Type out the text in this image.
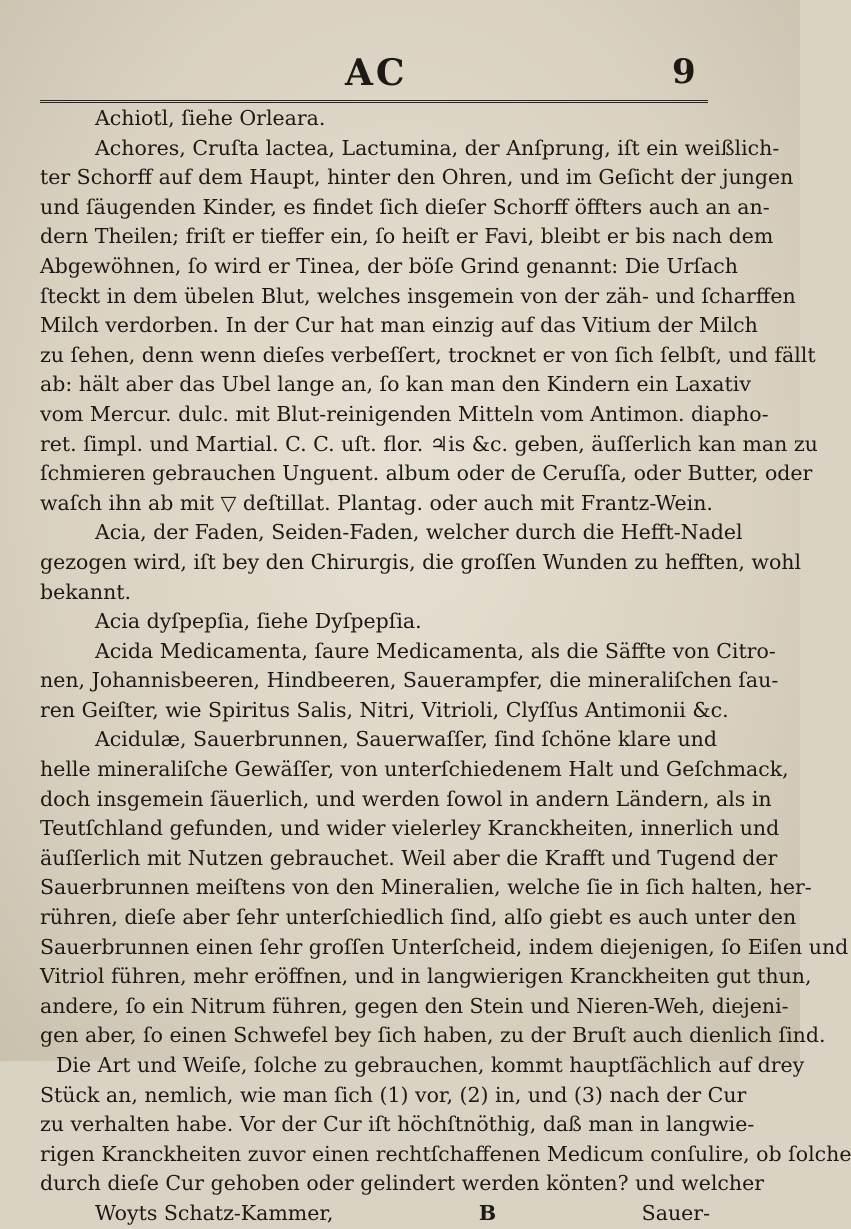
AC	9
Achiotl, ſiehe Orleara.
Achores, Cruſta lactea, Lactumina, der Anſprung, iſt ein weißlich-
ter Schorff auf dem Haupt, hinter den Ohren, und im Geſicht der jungen
und ſäugenden Kinder, es findet ſich dieſer Schorff öffters auch an an-
dern Theilen; friſt er tieffer ein, ſo heiſt er Favi, bleibt er bis nach dem
Abgewöhnen, ſo wird er Tinea, der böſe Grind genannt: Die Urſach
ſteckt in dem übelen Blut, welches insgemein von der zäh- und ſcharffen
Milch verdorben. In der Cur hat man einzig auf das Vitium der Milch
zu ſehen, denn wenn dieſes verbeſſert, trocknet er von ſich ſelbſt, und fällt
ab: hält aber das Ubel lange an, ſo kan man den Kindern ein Laxativ
vom Mercur. dulc. mit Blut-reinigenden Mitteln vom Antimon. diapho-
ret. ſimpl. und Martial. C. C. uſt. flor. ♃is &c. geben, äuſſerlich kan man zu
ſchmieren gebrauchen Unguent. album oder de Ceruſſa, oder Butter, oder
waſch ihn ab mit ▽ deſtillat. Plantag. oder auch mit Frantz-Wein.
Acia, der Faden, Seiden-Faden, welcher durch die Hefft-Nadel
gezogen wird, iſt bey den Chirurgis, die groſſen Wunden zu hefften, wohl
bekannt.
Acia dyſpepſia, ſiehe Dyſpepſia.
Acida Medicamenta, ſaure Medicamenta, als die Säffte von Citro-
nen, Johannisbeeren, Hindbeeren, Sauerampfer, die mineraliſchen ſau-
ren Geiſter, wie Spiritus Salis, Nitri, Vitrioli, Clyſſus Antimonii &c.
Acidulæ, Sauerbrunnen, Sauerwaſſer, ſind ſchöne klare und
helle mineraliſche Gewäſſer, von unterſchiedenem Halt und Geſchmack,
doch insgemein ſäuerlich, und werden ſowol in andern Ländern, als in
Teutſchland gefunden, und wider vielerley Kranckheiten, innerlich und
äuſſerlich mit Nutzen gebrauchet. Weil aber die Krafft und Tugend der
Sauerbrunnen meiſtens von den Mineralien, welche ſie in ſich halten, her-
rühren, dieſe aber ſehr unterſchiedlich ſind, alſo giebt es auch unter den
Sauerbrunnen einen ſehr groſſen Unterſcheid, indem diejenigen, ſo Eiſen und
Vitriol führen, mehr eröffnen, und in langwierigen Kranckheiten gut thun,
andere, ſo ein Nitrum führen, gegen den Stein und Nieren-Weh, diejeni-
gen aber, ſo einen Schwefel bey ſich haben, zu der Bruſt auch dienlich ſind.
Die Art und Weiſe, ſolche zu gebrauchen, kommt hauptſächlich auf drey
Stück an, nemlich, wie man ſich (1) vor, (2) in, und (3) nach der Cur
zu verhalten habe. Vor der Cur iſt höchſtnöthig, daß man in langwie-
rigen Kranckheiten zuvor einen rechtſchaffenen Medicum conſulire, ob ſolche
durch dieſe Cur gehoben oder gelindert werden könten? und welcher
Woyts Schatz-Kammer,	B	Sauer-
